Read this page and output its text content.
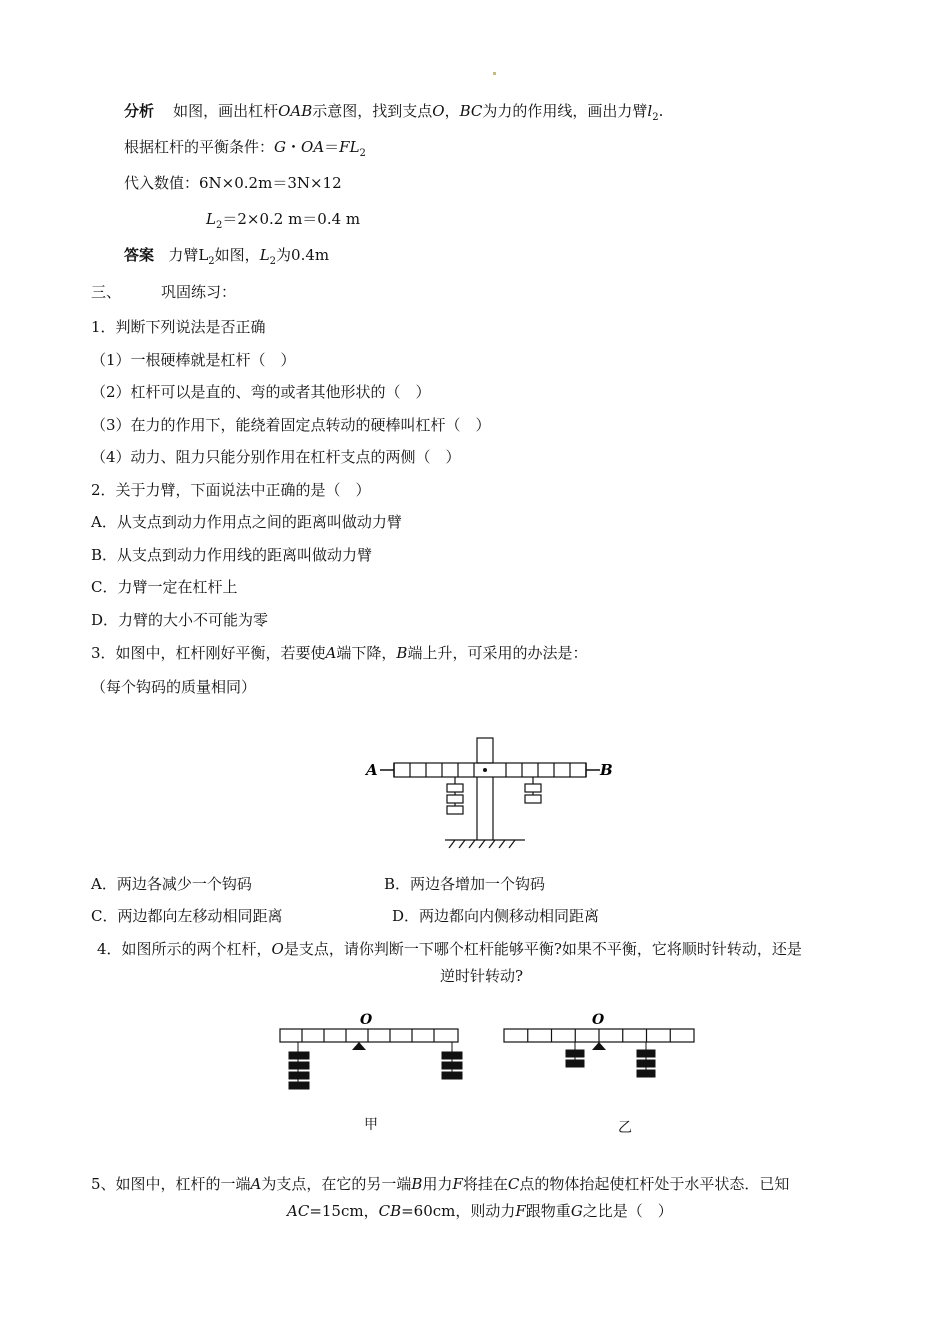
分析 如图，画出杠杆OAB示意图，找到支点O，BC为力的作用线，画出力臂$l_2$.
根据杠杆的平衡条件：G・$OA=FL_2$
代入数值：6N×0.2m＝3N×12
$L_2=2\times 0.2$ m＝0.4 m
答案 力臂$L_2$如图，$L_2$为0.4m
三、	巩固练习：
1．判断下列说法是否正确
（1）一根硬棒就是杠杆（　）
（2）杠杆可以是直的、弯的或者其他形状的（　）
（3）在力的作用下，能绕着固定点转动的硬棒叫杠杆（　）
（4）动力、阻力只能分别作用在杠杆支点的两侧（　）
2．关于力臂，下面说法中正确的是（　）
A．从支点到动力作用点之间的距离叫做动力臂
B．从支点到动力作用线的距离叫做动力臂
C．力臂一定在杠杆上
D．力臂的大小不可能为零
3．如图中，杠杆刚好平衡，若要使A端下降，B端上升，可采用的办法是：
（每个钩码的质量相同）
A	B
A．两边各减少一个钩码	B．两边各增加一个钩码
C．两边都向左移动相同距离	D．两边都向内侧移动相同距离
4．如图所示的两个杠杆，O是支点，请你判断一下哪个杠杆能够平衡?如果不平衡，它将顺时针转动，还是
逆时针转动?
O	O
甲	乙
5、如图中，杠杆的一端A为支点，在它的另一端B用力F将挂在C点的物体抬起使杠杆处于水平状态．已知
AC=15cm，CB=60cm，则动力F跟物重G之比是（　）
